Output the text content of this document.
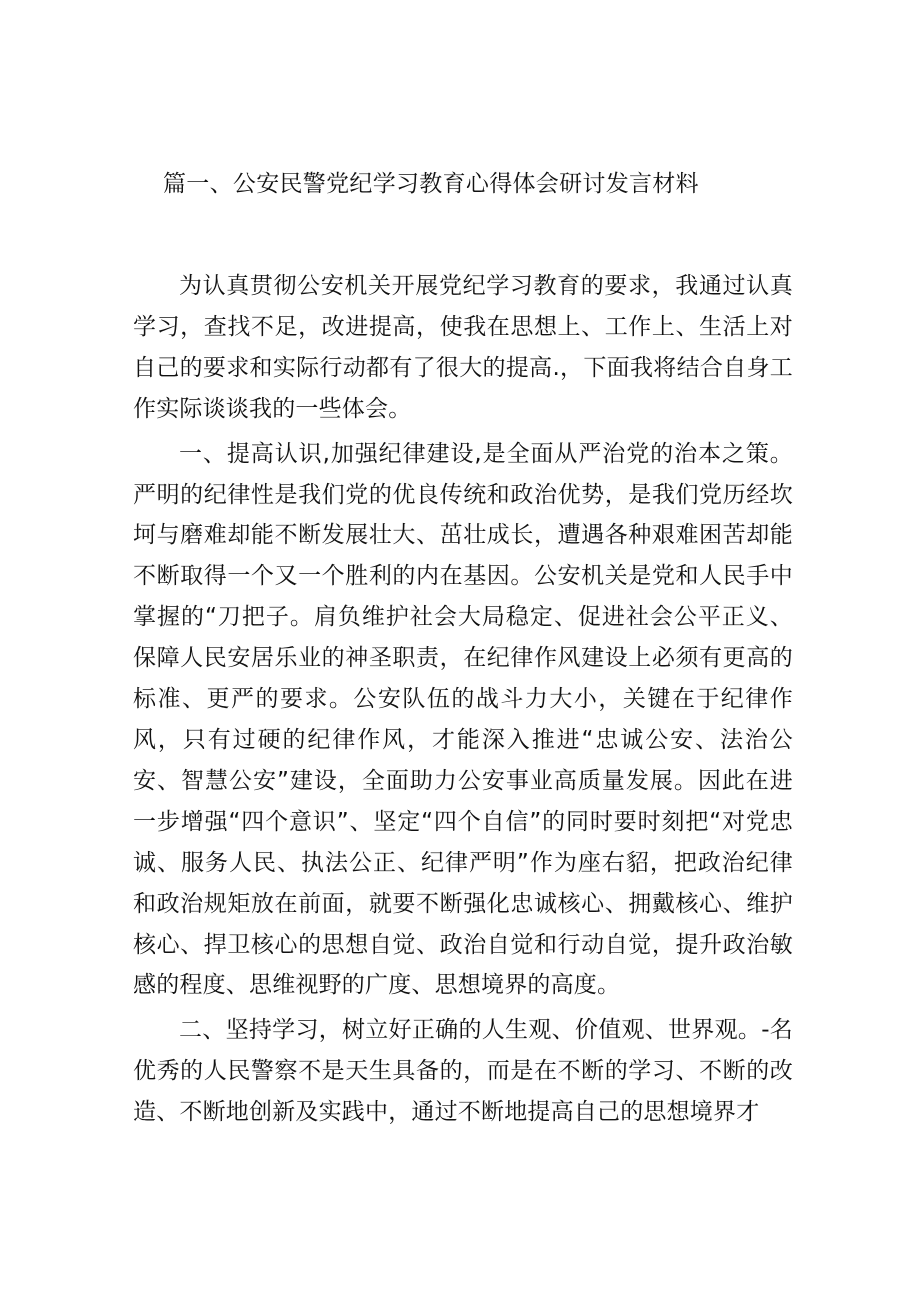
篇一、公安民警党纪学习教育心得体会研讨发言材料

为认真贯彻公安机关开展党纪学习教育的要求，我通过认真学习，查找不足，改进提高，使我在思想上、工作上、生活上对自己的要求和实际行动都有了很大的提高.，下面我将结合自身工作实际谈谈我的一些体会。

一、提高认识,加强纪律建设,是全面从严治党的治本之策。严明的纪律性是我们党的优良传统和政治优势，是我们党历经坎坷与磨难却能不断发展壮大、茁壮成长，遭遇各种艰难困苦却能不断取得一个又一个胜利的内在基因。公安机关是党和人民手中掌握的“刀把子。肩负维护社会大局稳定、促进社会公平正义、保障人民安居乐业的神圣职责，在纪律作风建设上必须有更高的标准、更严的要求。公安队伍的战斗力大小，关键在于纪律作风，只有过硬的纪律作风，才能深入推进“忠诚公安、法治公安、智慧公安”建设，全面助力公安事业高质量发展。因此在进一步增强“四个意识”、坚定“四个自信”的同时要时刻把“对党忠诚、服务人民、执法公正、纪律严明”作为座右貂，把政治纪律和政治规矩放在前面，就要不断强化忠诚核心、拥戴核心、维护核心、捍卫核心的思想自觉、政治自觉和行动自觉，提升政治敏感的程度、思维视野的广度、思想境界的高度。

二、坚持学习，树立好正确的人生观、价值观、世界观。-名优秀的人民警察不是天生具备的，而是在不断的学习、不断的改造、不断地创新及实践中，通过不断地提高自己的思想境界才
